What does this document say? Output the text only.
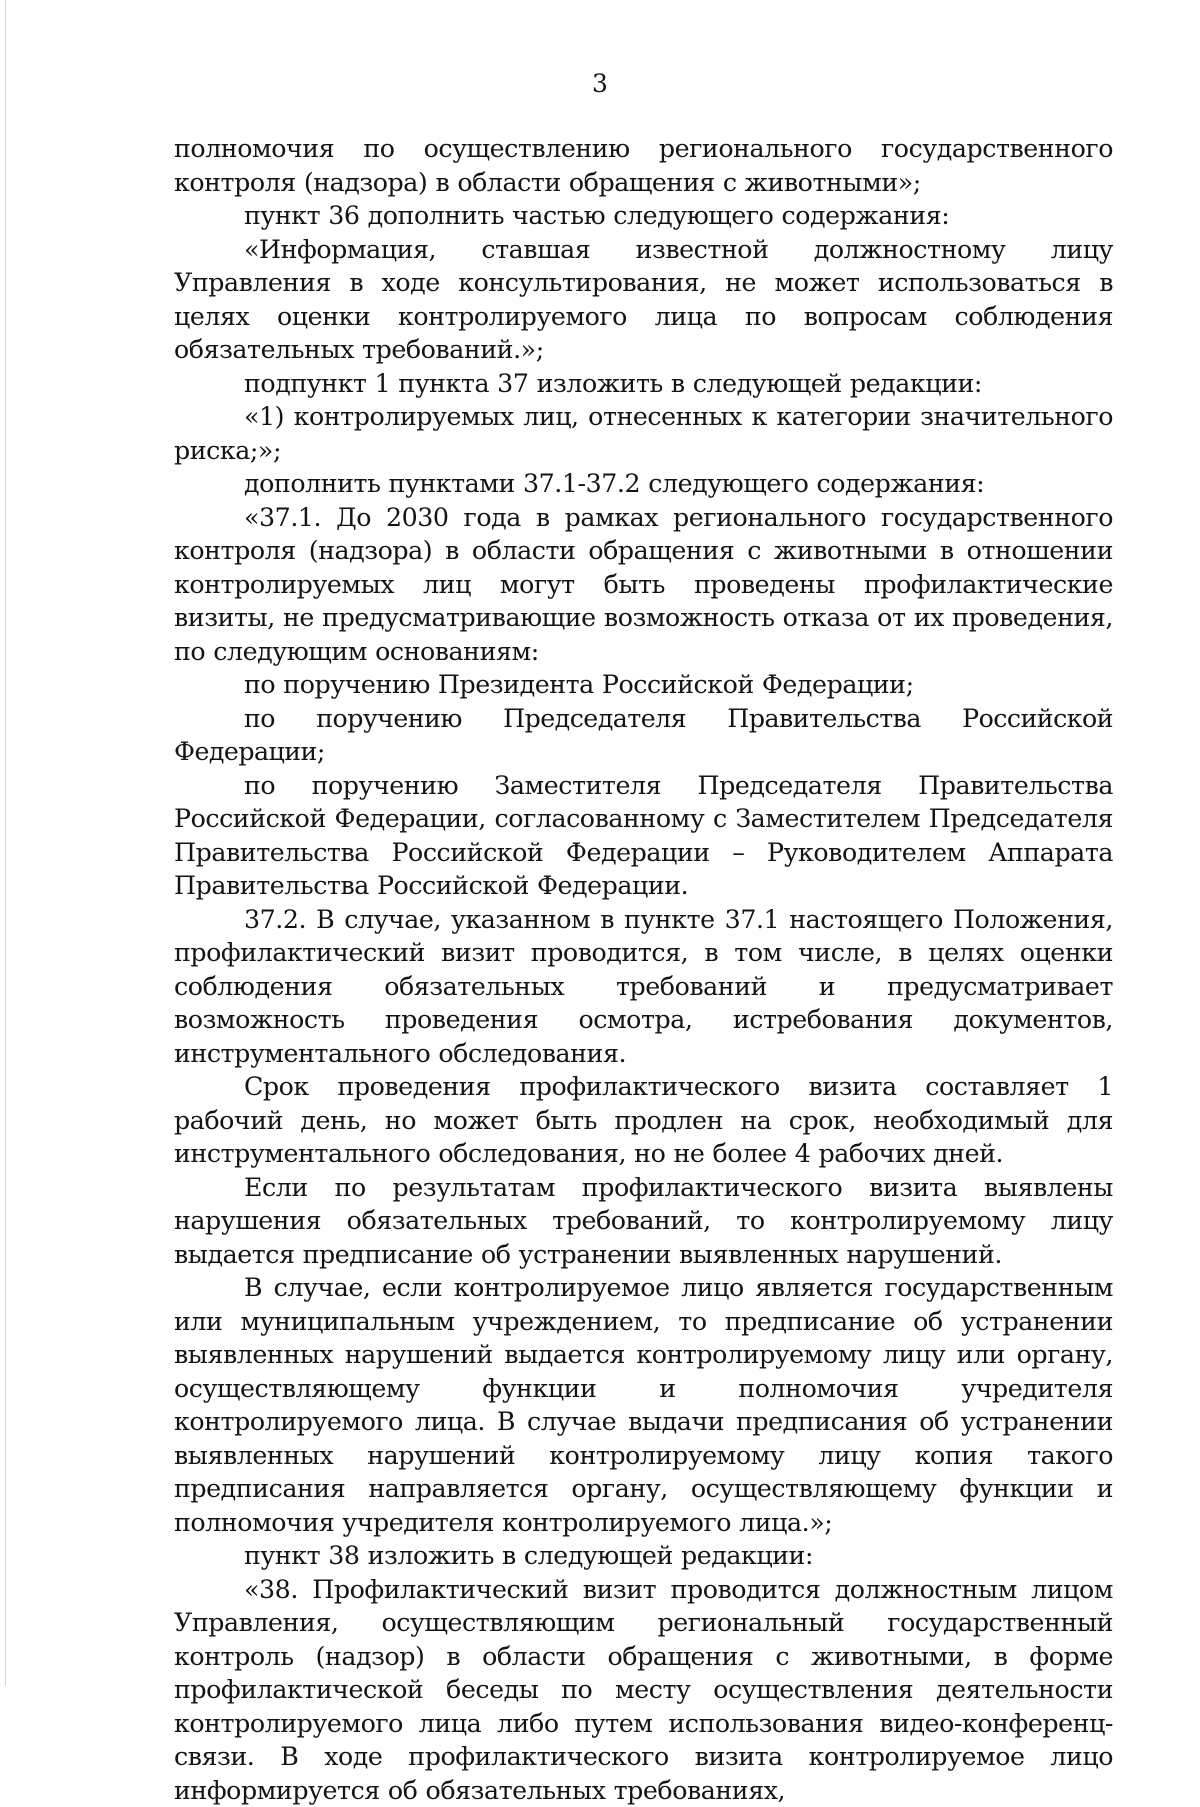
3

полномочия по осуществлению регионального государственного контроля (надзора) в области обращения с животными»;

пункт 36 дополнить частью следующего содержания:

«Информация, ставшая известной должностному лицу Управления в ходе консультирования, не может использоваться в целях оценки контролируемого лица по вопросам соблюдения обязательных требований.»;

подпункт 1 пункта 37 изложить в следующей редакции:

«1) контролируемых лиц, отнесенных к категории значительного риска;»;

дополнить пунктами 37.1-37.2 следующего содержания:

«37.1. До 2030 года в рамках регионального государственного контроля (надзора) в области обращения с животными в отношении контролируемых лиц могут быть проведены профилактические визиты, не предусматривающие возможность отказа от их проведения, по следующим основаниям:

по поручению Президента Российской Федерации;

по поручению Председателя Правительства Российской Федерации;

по поручению Заместителя Председателя Правительства Российской Федерации, согласованному с Заместителем Председателя Правительства Российской Федерации – Руководителем Аппарата Правительства Российской Федерации.

37.2. В случае, указанном в пункте 37.1 настоящего Положения, профилактический визит проводится, в том числе, в целях оценки соблюдения обязательных требований и предусматривает возможность проведения осмотра, истребования документов, инструментального обследования.

Срок проведения профилактического визита составляет 1 рабочий день, но может быть продлен на срок, необходимый для инструментального обследования, но не более 4 рабочих дней.

Если по результатам профилактического визита выявлены нарушения обязательных требований, то контролируемому лицу выдается предписание об устранении выявленных нарушений.

В случае, если контролируемое лицо является государственным или муниципальным учреждением, то предписание об устранении выявленных нарушений выдается контролируемому лицу или органу, осуществляющему функции и полномочия учредителя контролируемого лица. В случае выдачи предписания об устранении выявленных нарушений контролируемому лицу копия такого предписания направляется органу, осуществляющему функции и полномочия учредителя контролируемого лица.»;

пункт 38 изложить в следующей редакции:

«38. Профилактический визит проводится должностным лицом Управления, осуществляющим региональный государственный контроль (надзор) в области обращения с животными, в форме профилактической беседы по месту осуществления деятельности контролируемого лица либо путем использования видео-конференц-связи. В ходе профилактического визита контролируемое лицо информируется об обязательных требованиях,
